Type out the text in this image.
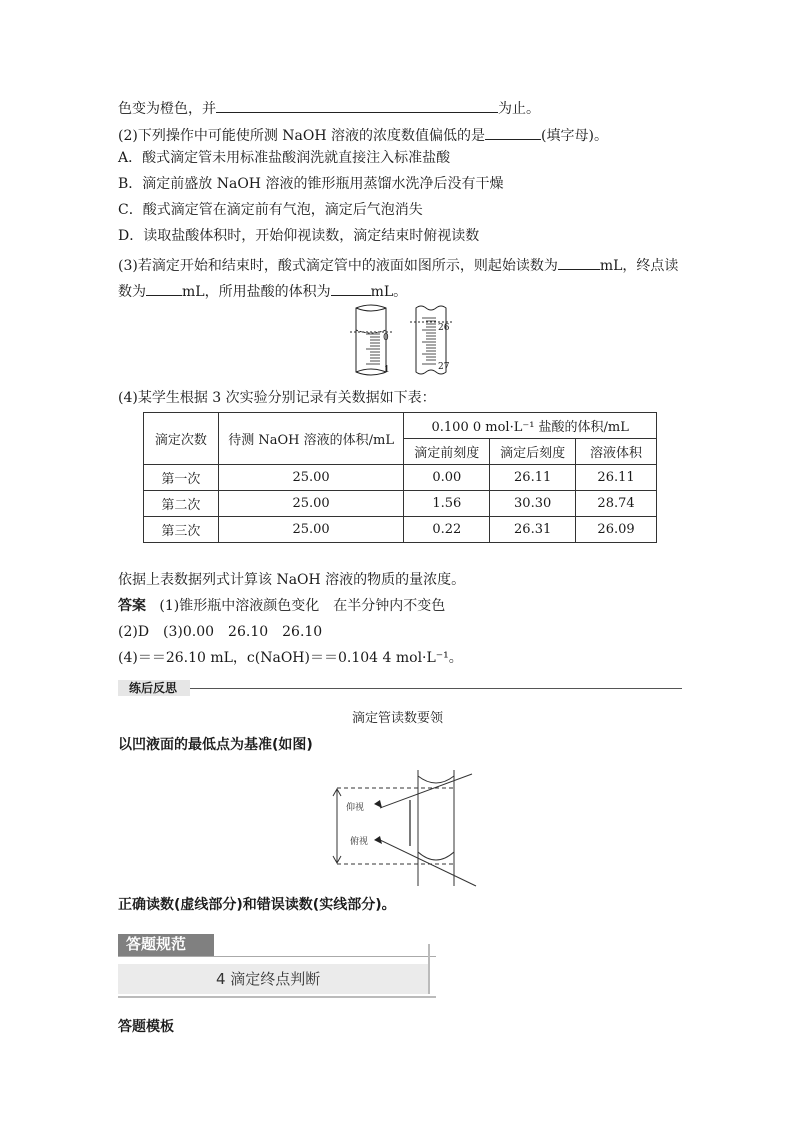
色变为橙色，并	为止。
(2)下列操作中可能使所测 NaOH 溶液的浓度数值偏低的是	(填字母)。
A．酸式滴定管未用标准盐酸润洗就直接注入标准盐酸
B．滴定前盛放 NaOH 溶液的锥形瓶用蒸馏水洗净后没有干燥
C．酸式滴定管在滴定前有气泡，滴定后气泡消失
D．读取盐酸体积时，开始仰视读数，滴定结束时俯视读数
(3)若滴定开始和结束时，酸式滴定管中的液面如图所示，则起始读数为	mL，终点读
数为	mL，所用盐酸的体积为	mL。
0
1
26
27
(4)某学生根据 3 次实验分别记录有关数据如下表：
滴定次数	待测 NaOH 溶液的体积/mL	0.100 0 mol·L⁻¹ 盐酸的体积/mL		
		滴定前刻度	滴定后刻度	溶液体积
第一次	25.00	0.00	26.11	26.11
第二次	25.00	1.56	30.30	28.74
第三次	25.00	0.22	26.31	26.09
依据上表数据列式计算该 NaOH 溶液的物质的量浓度。
答案 (1)锥形瓶中溶液颜色变化　在半分钟内不变色
(2)D　(3)0.00　26.10　26.10
(4)＝＝26.10 mL，c(NaOH)＝＝0.104 4 mol·L⁻¹。
练后反思
滴定管读数要领
以凹液面的最低点为基准(如图)
仰视
俯视
正确读数(虚线部分)和错误读数(实线部分)。
答题规范
4 滴定终点判断
答题模板
